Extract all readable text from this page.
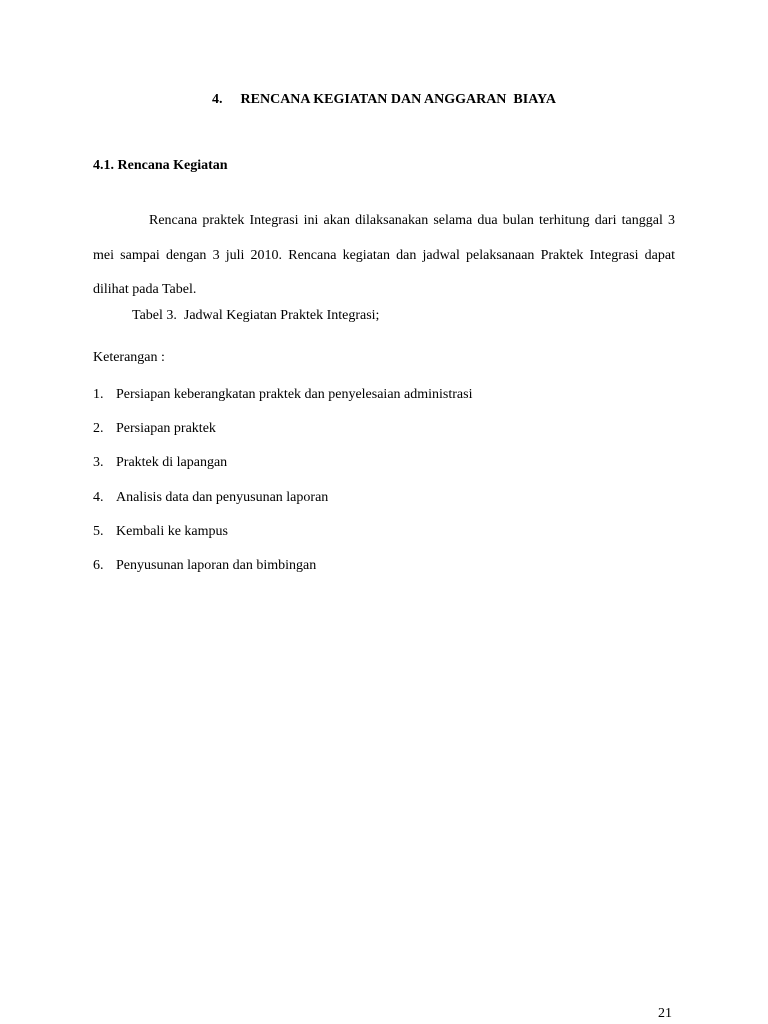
4. RENCANA KEGIATAN DAN ANGGARAN  BIAYA
4.1. Rencana Kegiatan

Rencana praktek Integrasi ini akan dilaksanakan selama dua bulan terhitung dari tanggal 3 mei sampai dengan 3 juli 2010. Rencana kegiatan dan jadwal pelaksanaan Praktek Integrasi dapat dilihat pada Tabel.

Tabel 3.  Jadwal Kegiatan Praktek Integrasi;
Keterangan :
1. Persiapan keberangkatan praktek dan penyelesaian administrasi
2. Persiapan praktek
3. Praktek di lapangan
4. Analisis data dan penyusunan laporan
5. Kembali ke kampus
6. Penyusunan laporan dan bimbingan
21
